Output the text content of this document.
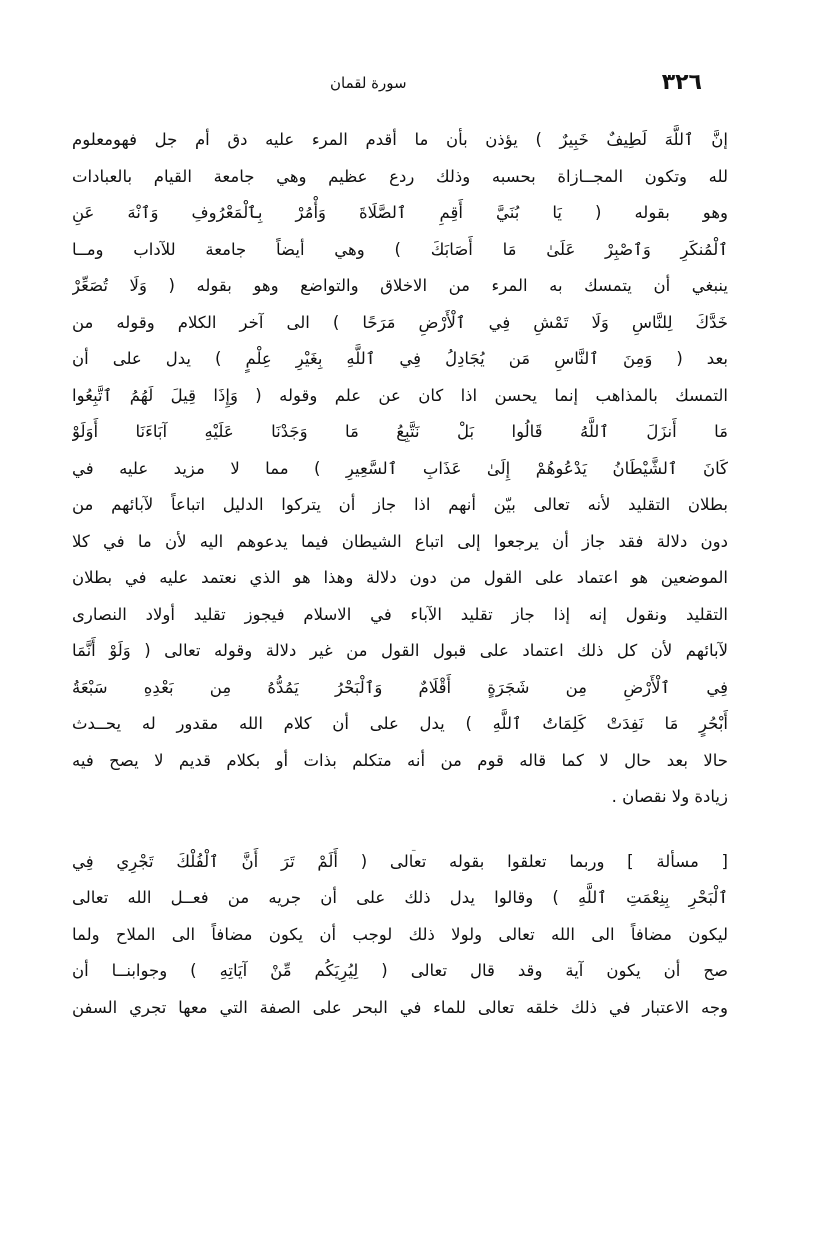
٣٢٦
سورة لقمان
إنَّ ٱللَّهَ لَطِيفٌ خَبِيرٌ ) يؤذن بأن ما أقدم المرء عليه دق أم جل فهومعلوم
لله وتكون المجــازاة بحسبه وذلك ردع عظيم وهي جامعة القيام بالعبادات
وهو بقوله ( يَا بُنَيَّ أَقِمِ ٱلصَّلَاةَ وَأْمُرْ بِٱلْمَعْرُوفِ وَٱنْهَ عَنِ
ٱلْمُنكَرِ وَٱصْبِرْ عَلَىٰ مَا أَصَابَكَ ) وهي أيضاً جامعة للآداب ومــا
ينبغي أن يتمسك به المرء من الاخلاق والتواضع وهو بقوله ( وَلَا تُصَعِّرْ
خَدَّكَ لِلنَّاسِ وَلَا تَمْشِ فِي ٱلْأَرْضِ مَرَحًا ) الى آخر الكلام وقوله من
بعد ( وَمِنَ ٱلنَّاسِ مَن يُجَادِلُ فِي ٱللَّهِ بِغَيْرِ عِلْمٍ ) يدل على أن
التمسك بالمذاهب إنما يحسن اذا كان عن علم وقوله ( وَإِذَا قِيلَ لَهُمُ ٱتَّبِعُوا
مَا أَنزَلَ ٱللَّهُ قَالُوا بَلْ نَتَّبِعُ مَا وَجَدْنَا عَلَيْهِ آبَاءَنَا أَوَلَوْ
كَانَ ٱلشَّيْطَانُ يَدْعُوهُمْ إِلَىٰ عَذَابِ ٱلسَّعِيرِ ) مما لا مزيد عليه في
بطلان التقليد لأنه تعالى بيّن أنهم اذا جاز أن يتركوا الدليل اتباعاً لآبائهم من
دون دلالة فقد جاز أن يرجعوا إلى اتباع الشيطان فيما يدعوهم اليه لأن ما في كلا
الموضعين هو اعتماد على القول من دون دلالة وهذا هو الذي نعتمد عليه في بطلان
التقليد ونقول إنه إذا جاز تقليد الآباء في الاسلام فيجوز تقليد أولاد النصارى
لآبائهم لأن كل ذلك اعتماد على قبول القول من غير دلالة وقوله تعالى ( وَلَوْ أَنَّمَا
فِي ٱلْأَرْضِ مِن شَجَرَةٍ أَقْلَامٌ وَٱلْبَحْرُ يَمُدُّهُ مِن بَعْدِهِ سَبْعَةُ
أَبْحُرٍ مَا نَفِدَتْ كَلِمَاتُ ٱللَّهِ ) يدل على أن كلام الله مقدور له يحــدث
حالا بعد حال لا كما قاله قوم من أنه متكلم بذات أو بكلام قديم لا يصح فيه
زيادة ولا نقصان .
[ مسألة ] وربما تعلقوا بقوله تعالى ( أَلَمْ تَرَ أَنَّ ٱلْفُلْكَ تَجْرِي فِي
ٱلْبَحْرِ بِنِعْمَتِ ٱللَّهِ ) وقالوا يدل ذلك على أن جريه من فعــل الله تعالى
ليكون مضافاً الى الله تعالى ولولا ذلك لوجب أن يكون مضافاً الى الملاح ولما
صح أن يكون آية وقد قال تعالى ( لِيُرِيَكُم مِّنْ آيَاتِهِ ) وجوابنــا أن
وجه الاعتبار في ذلك خلقه تعالى للماء في البحر على الصفة التي معها تجري السفن
ـ
